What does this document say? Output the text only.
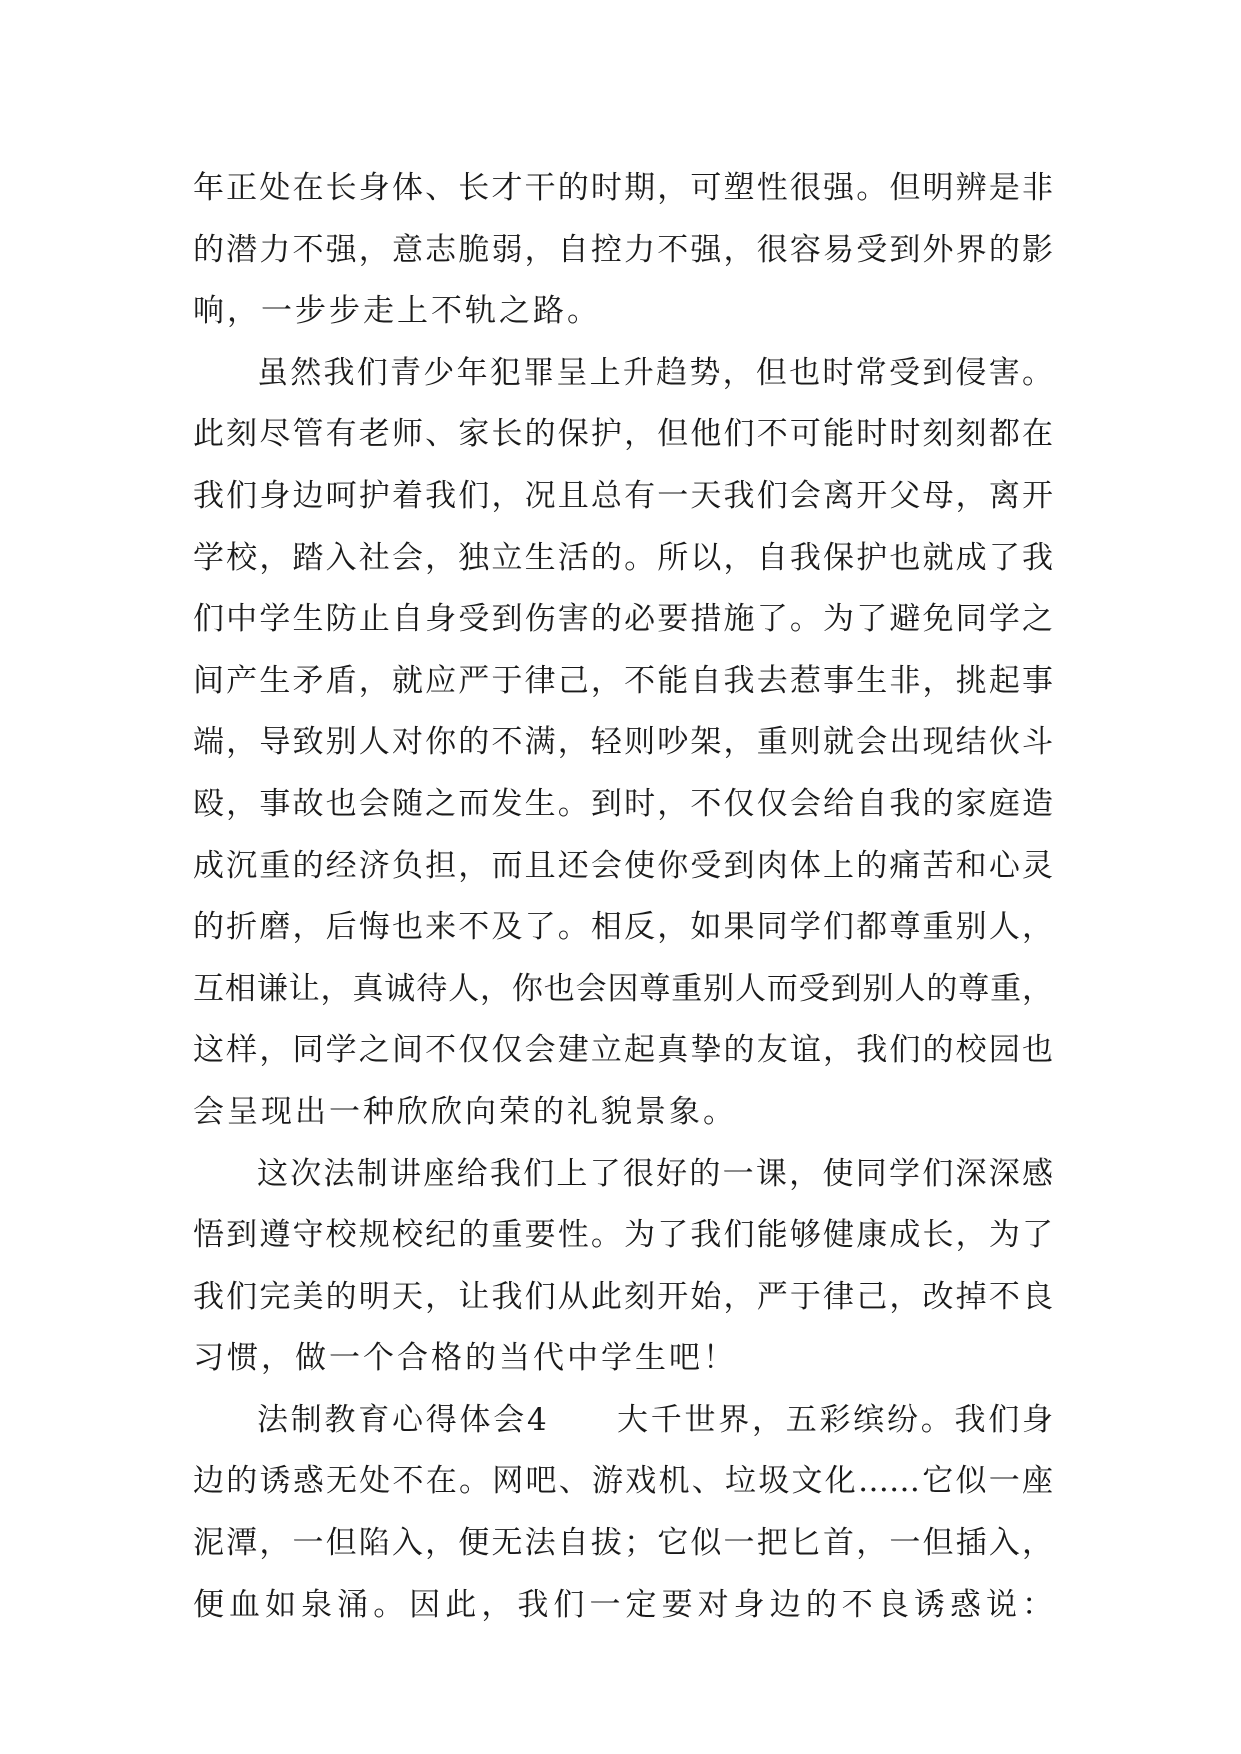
年正处在长身体、长才干的时期，可塑性很强。但明辨是非
的潜力不强，意志脆弱，自控力不强，很容易受到外界的影
响，一步步走上不轨之路。
虽然我们青少年犯罪呈上升趋势，但也时常受到侵害。
此刻尽管有老师、家长的保护，但他们不可能时时刻刻都在
我们身边呵护着我们，况且总有一天我们会离开父母，离开
学校，踏入社会，独立生活的。所以，自我保护也就成了我
们中学生防止自身受到伤害的必要措施了。为了避免同学之
间产生矛盾，就应严于律己，不能自我去惹事生非，挑起事
端，导致别人对你的不满，轻则吵架，重则就会出现结伙斗
殴，事故也会随之而发生。到时，不仅仅会给自我的家庭造
成沉重的经济负担，而且还会使你受到肉体上的痛苦和心灵
的折磨，后悔也来不及了。相反，如果同学们都尊重别人，
互相谦让，真诚待人，你也会因尊重别人而受到别人的尊重，
这样，同学之间不仅仅会建立起真挚的友谊，我们的校园也
会呈现出一种欣欣向荣的礼貌景象。
这次法制讲座给我们上了很好的一课，使同学们深深感
悟到遵守校规校纪的重要性。为了我们能够健康成长，为了
我们完美的明天，让我们从此刻开始，严于律己，改掉不良
习惯，做一个合格的当代中学生吧！
法制教育心得体会4　　大千世界，五彩缤纷。我们身
边的诱惑无处不在。网吧、游戏机、垃圾文化……它似一座
泥潭，一但陷入，便无法自拔；它似一把匕首，一但插入，
便血如泉涌。因此，我们一定要对身边的不良诱惑说：
